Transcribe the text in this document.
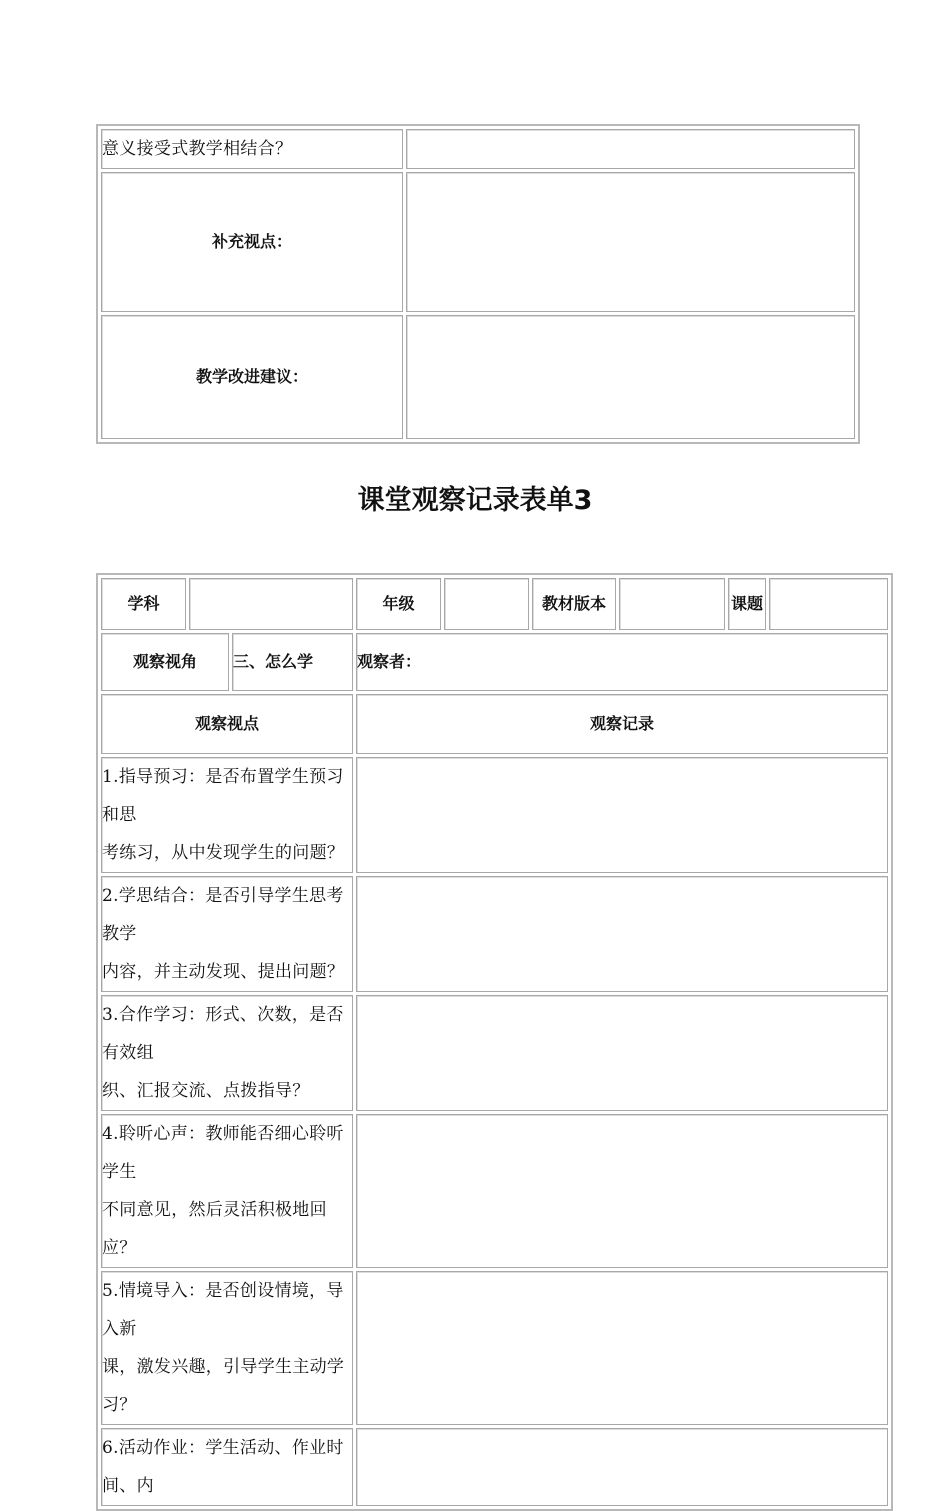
意义接受式教学相结合？	
补充视点：	
教学改进建议：	
课堂观察记录表单3
学科			年级		教材版本		课题	
观察视角		三、怎么学	观察者：					
观察视点			观察记录					

1.指导预习：是否布置学生预习和思
考练习，从中发现学生的问题？								

2.学思结合：是否引导学生思考教学
内容，并主动发现、提出问题？								

3.合作学习：形式、次数，是否有效组
织、汇报交流、点拨指导？								

4.聆听心声：教师能否细心聆听学生
不同意见，然后灵活积极地回应？								

5.情境导入：是否创设情境，导入新
课，激发兴趣，引导学生主动学习？								

6.活动作业：学生活动、作业时间、内								
